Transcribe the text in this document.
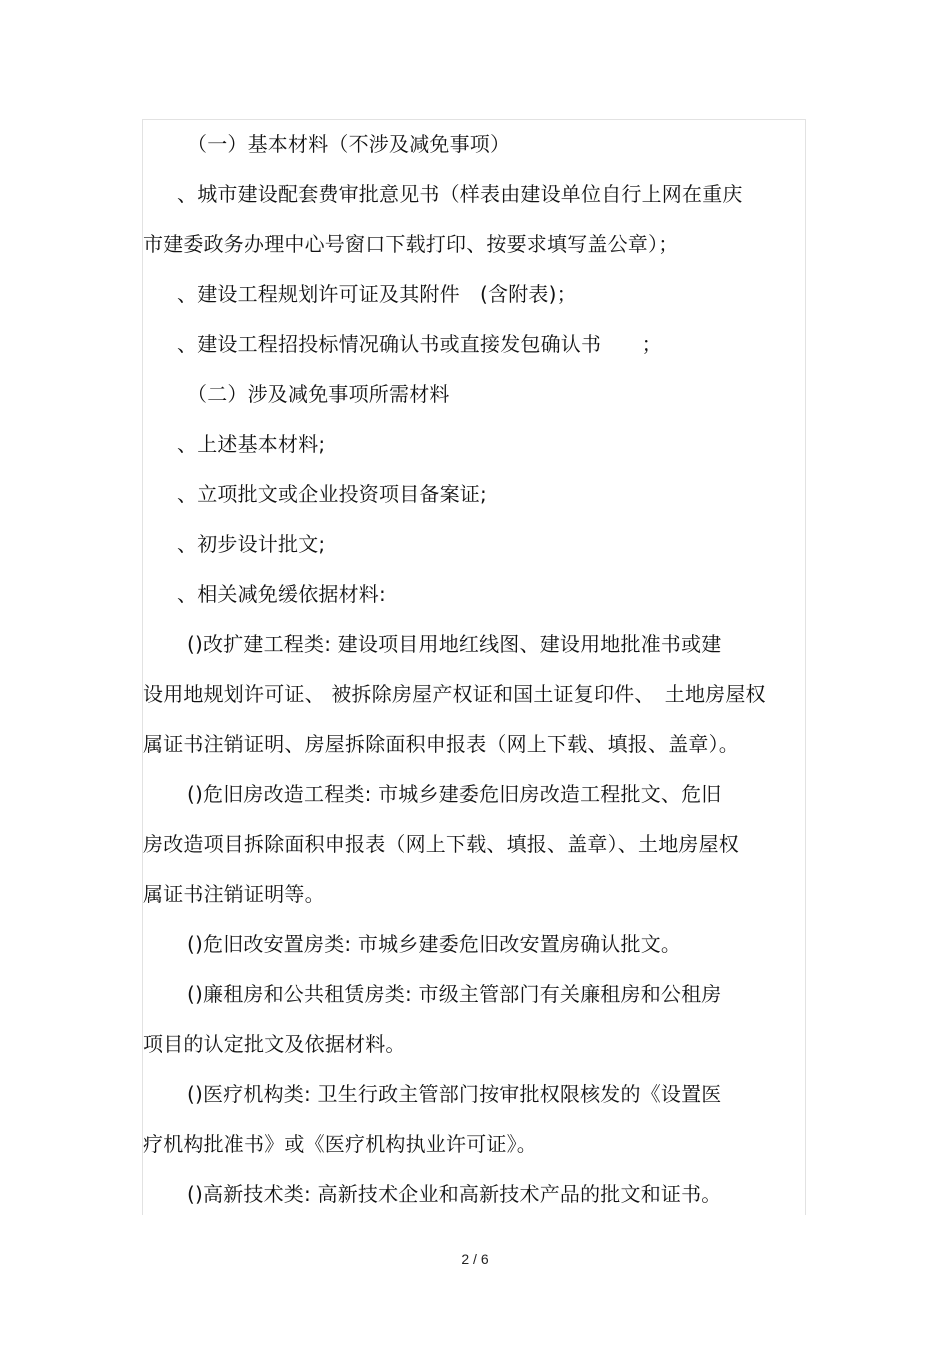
（一）基本材料（不涉及减免事项）
、城市建设配套费审批意见书（样表由建设单位自行上网在重庆
市建委政务办理中心号窗口下载打印、按要求填写盖公章）；
、建设工程规划许可证及其附件　(含附表)；
、建设工程招投标情况确认书或直接发包确认书　　；
（二）涉及减免事项所需材料
、上述基本材料;
、立项批文或企业投资项目备案证;
、初步设计批文;
、相关减免缓依据材料:
()改扩建工程类: 建设项目用地红线图、建设用地批准书或建
设用地规划许可证、 被拆除房屋产权证和国土证复印件、　土地房屋权
属证书注销证明、房屋拆除面积申报表（网上下载、填报、盖章）。
()危旧房改造工程类: 市城乡建委危旧房改造工程批文、危旧
房改造项目拆除面积申报表（网上下载、填报、盖章）、土地房屋权
属证书注销证明等。
()危旧改安置房类: 市城乡建委危旧改安置房确认批文。
()廉租房和公共租赁房类: 市级主管部门有关廉租房和公租房
项目的认定批文及依据材料。
()医疗机构类: 卫生行政主管部门按审批权限核发的《设置医
疗机构批准书》或《医疗机构执业许可证》。
()高新技术类: 高新技术企业和高新技术产品的批文和证书。
2 / 6
